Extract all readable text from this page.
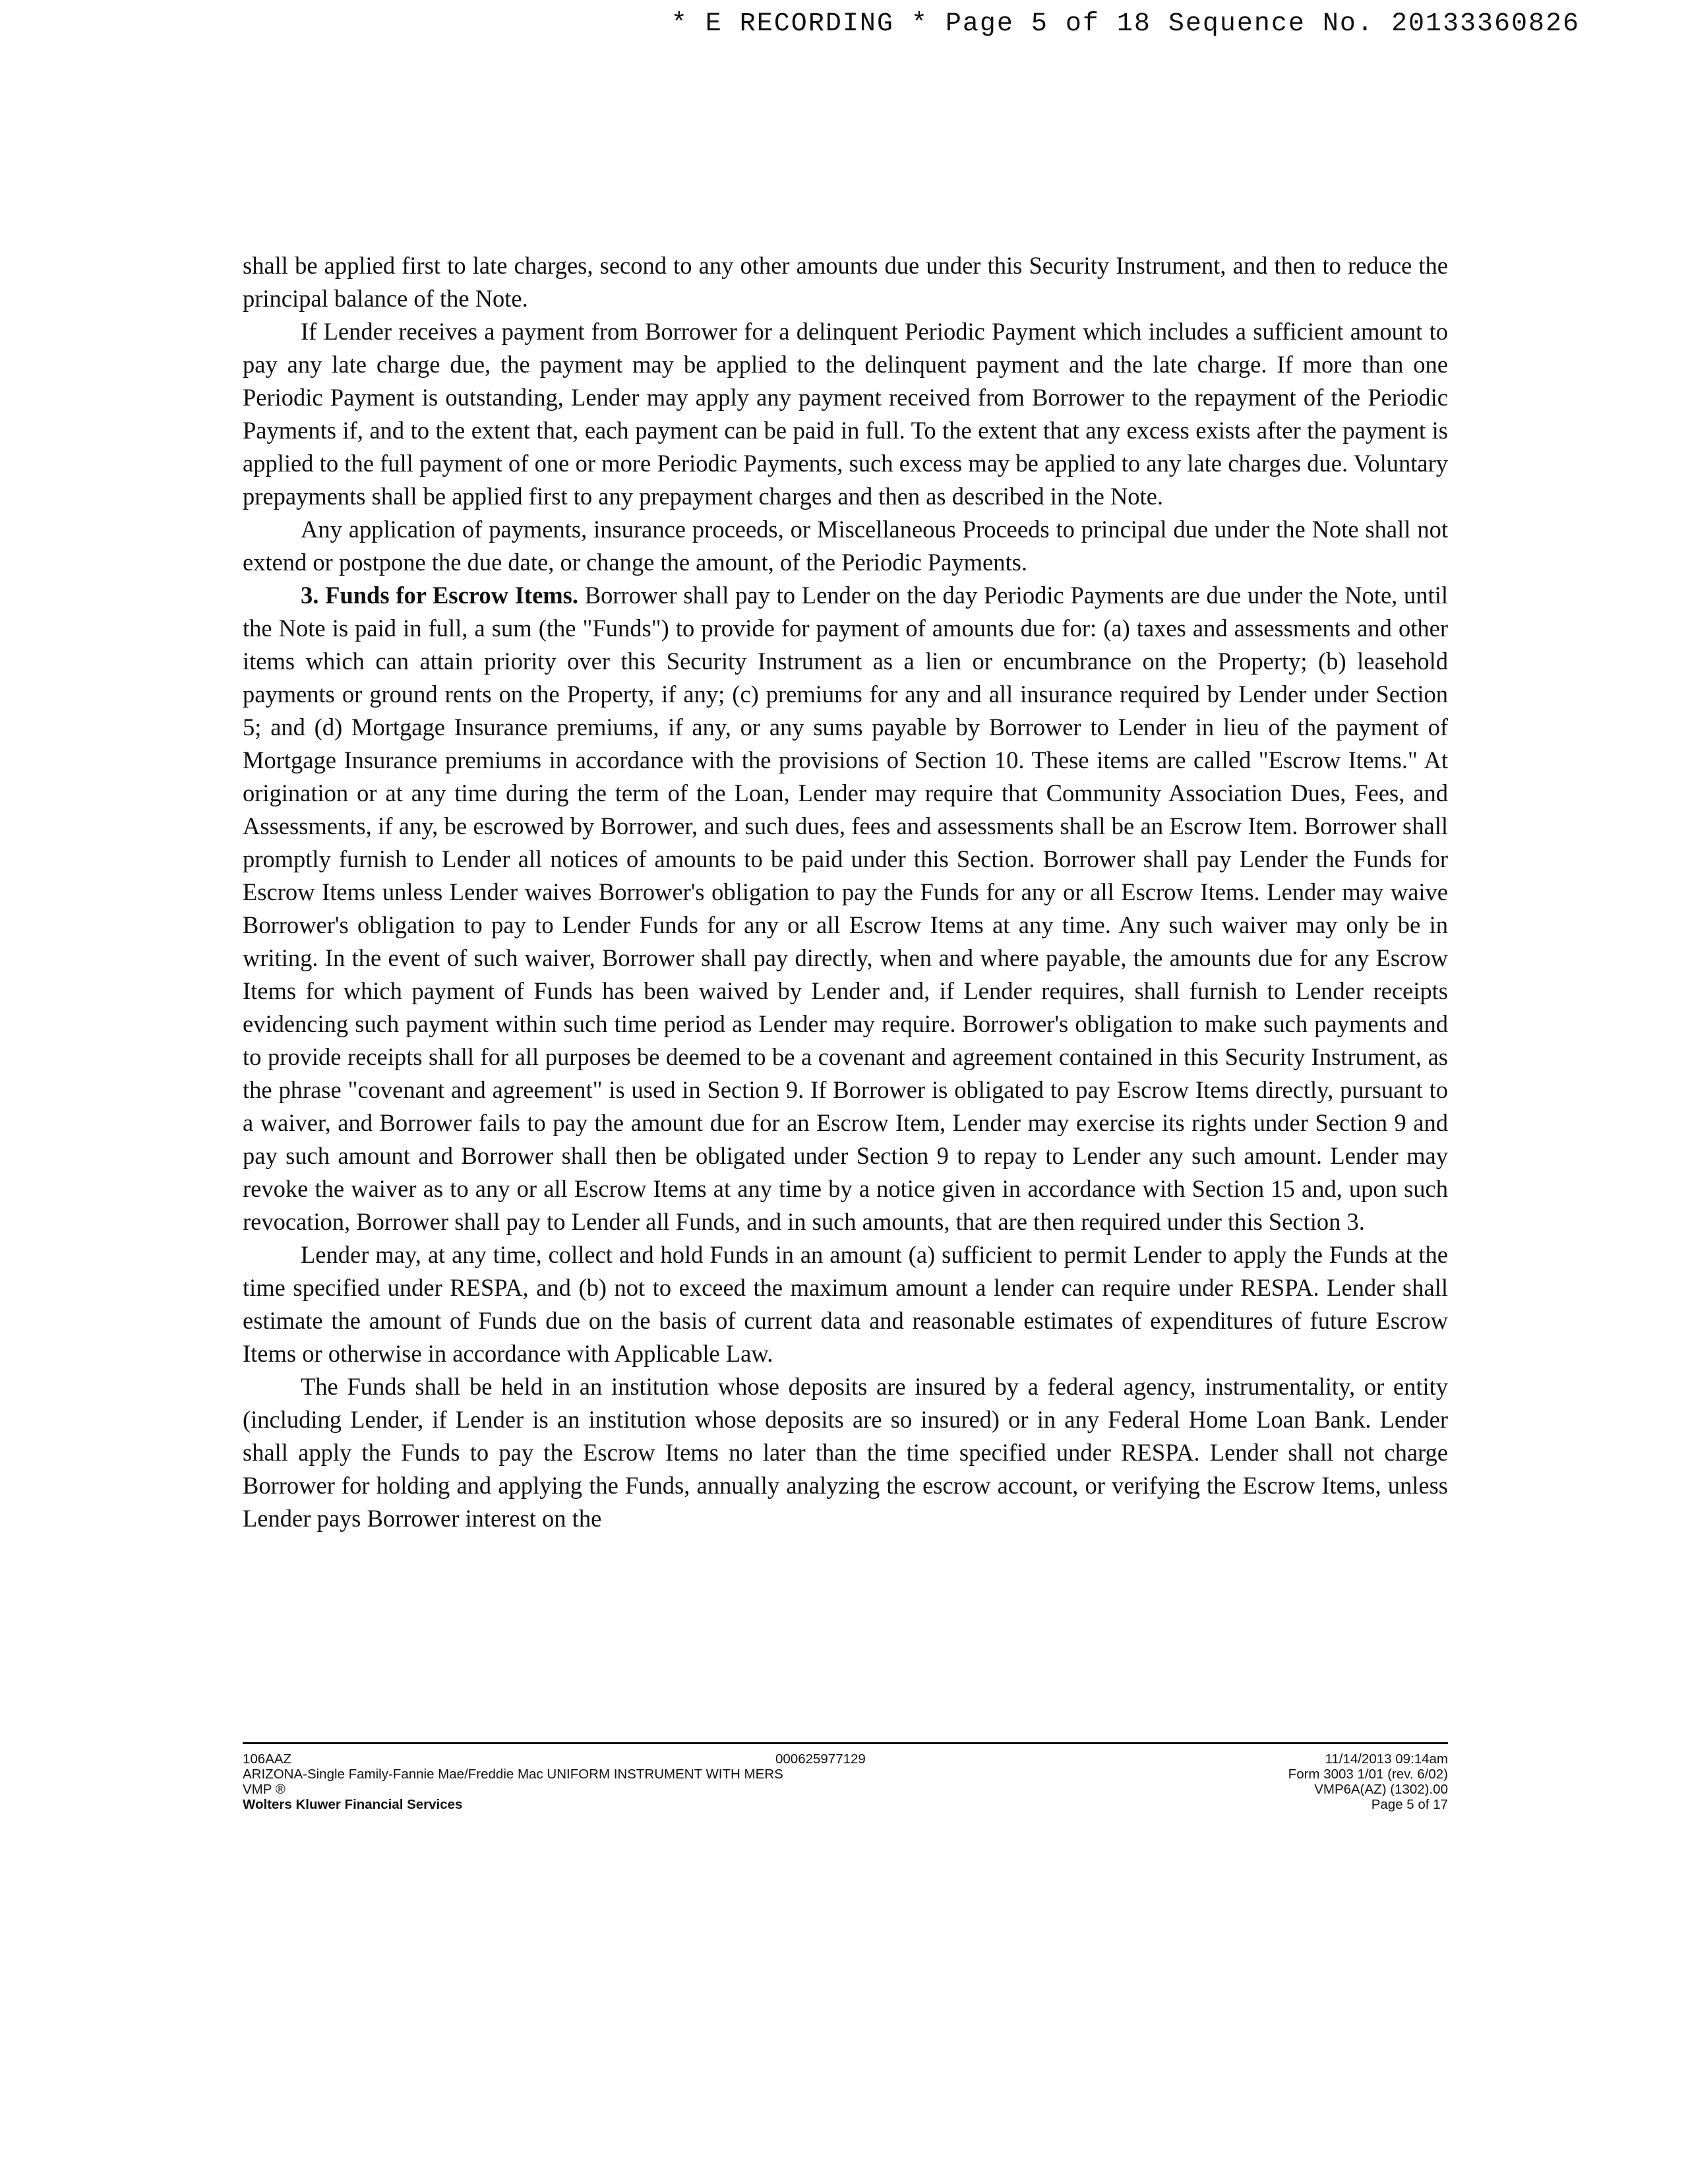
* E RECORDING * Page 5 of 18 Sequence No. 20133360826

shall be applied first to late charges, second to any other amounts due under this Security Instrument, and then to reduce the principal balance of the Note.

If Lender receives a payment from Borrower for a delinquent Periodic Payment which includes a sufficient amount to pay any late charge due, the payment may be applied to the delinquent payment and the late charge. If more than one Periodic Payment is outstanding, Lender may apply any payment received from Borrower to the repayment of the Periodic Payments if, and to the extent that, each payment can be paid in full. To the extent that any excess exists after the payment is applied to the full payment of one or more Periodic Payments, such excess may be applied to any late charges due. Voluntary prepayments shall be applied first to any prepayment charges and then as described in the Note.

Any application of payments, insurance proceeds, or Miscellaneous Proceeds to principal due under the Note shall not extend or postpone the due date, or change the amount, of the Periodic Payments.

3. Funds for Escrow Items. Borrower shall pay to Lender on the day Periodic Payments are due under the Note, until the Note is paid in full, a sum (the "Funds") to provide for payment of amounts due for: (a) taxes and assessments and other items which can attain priority over this Security Instrument as a lien or encumbrance on the Property; (b) leasehold payments or ground rents on the Property, if any; (c) premiums for any and all insurance required by Lender under Section 5; and (d) Mortgage Insurance premiums, if any, or any sums payable by Borrower to Lender in lieu of the payment of Mortgage Insurance premiums in accordance with the provisions of Section 10. These items are called "Escrow Items." At origination or at any time during the term of the Loan, Lender may require that Community Association Dues, Fees, and Assessments, if any, be escrowed by Borrower, and such dues, fees and assessments shall be an Escrow Item. Borrower shall promptly furnish to Lender all notices of amounts to be paid under this Section. Borrower shall pay Lender the Funds for Escrow Items unless Lender waives Borrower's obligation to pay the Funds for any or all Escrow Items. Lender may waive Borrower's obligation to pay to Lender Funds for any or all Escrow Items at any time. Any such waiver may only be in writing. In the event of such waiver, Borrower shall pay directly, when and where payable, the amounts due for any Escrow Items for which payment of Funds has been waived by Lender and, if Lender requires, shall furnish to Lender receipts evidencing such payment within such time period as Lender may require. Borrower's obligation to make such payments and to provide receipts shall for all purposes be deemed to be a covenant and agreement contained in this Security Instrument, as the phrase "covenant and agreement" is used in Section 9. If Borrower is obligated to pay Escrow Items directly, pursuant to a waiver, and Borrower fails to pay the amount due for an Escrow Item, Lender may exercise its rights under Section 9 and pay such amount and Borrower shall then be obligated under Section 9 to repay to Lender any such amount. Lender may revoke the waiver as to any or all Escrow Items at any time by a notice given in accordance with Section 15 and, upon such revocation, Borrower shall pay to Lender all Funds, and in such amounts, that are then required under this Section 3.

Lender may, at any time, collect and hold Funds in an amount (a) sufficient to permit Lender to apply the Funds at the time specified under RESPA, and (b) not to exceed the maximum amount a lender can require under RESPA. Lender shall estimate the amount of Funds due on the basis of current data and reasonable estimates of expenditures of future Escrow Items or otherwise in accordance with Applicable Law.

The Funds shall be held in an institution whose deposits are insured by a federal agency, instrumentality, or entity (including Lender, if Lender is an institution whose deposits are so insured) or in any Federal Home Loan Bank. Lender shall apply the Funds to pay the Escrow Items no later than the time specified under RESPA. Lender shall not charge Borrower for holding and applying the Funds, annually analyzing the escrow account, or verifying the Escrow Items, unless Lender pays Borrower interest on the

106AAZ
ARIZONA-Single Family-Fannie Mae/Freddie Mac UNIFORM INSTRUMENT WITH MERS
VMP ®
Wolters Kluwer Financial Services
000625977129	11/14/2013 09:14am
Form 3003 1/01 (rev. 6/02)
VMP6A(AZ) (1302).00
Page 5 of 17
